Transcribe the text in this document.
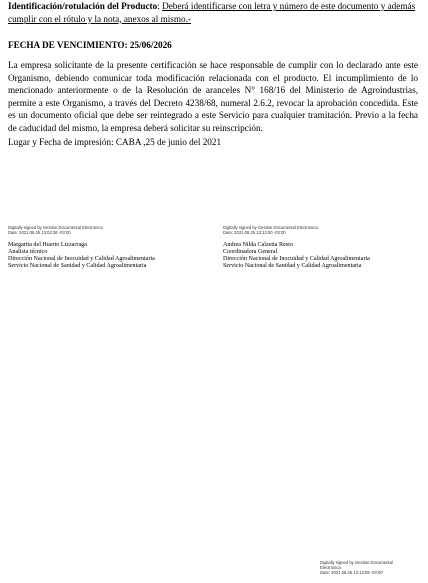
Identificación/rotulación del Producto: Deberá identificarse con letra y número de este documento y además cumplir con el rótulo y la nota, anexos al mismo.-

FECHA DE VENCIMIENTO: 25/06/2026

La empresa solicitante de la presente certificación se hace responsable de cumplir con lo declarado ante este Organismo, debiendo comunicar toda modificación relacionada con el producto. El incumplimiento de lo mencionado anteriormente o de la Resolución de aranceles N° 168/16 del Ministerio de Agroindustrias, permite a este Organismo, a través del Decreto 4238/68, numeral 2.6.2, revocar la aprobación concedida. Este es un documento oficial que debe ser reintegrado a este Servicio para cualquier tramitación. Previo a la fecha de caducidad del mismo, la empresa deberá solicitar su reinscripción.

Lugar y Fecha de impresión: CABA ,25 de junio del 2021

Digitally signed by Gestion Documental Electronica
Date: 2021.06.25 13:02:36 -03:00
Margarita del Huerto Lizzarraga
Analista técnico
Dirección Nacional de Inocuidad y Calidad Agroalimentaria
Servicio Nacional de Sanidad y Calidad Agroalimentaria
Digitally signed by Gestion Documental Electronica
Date: 2021.06.25 13:13:00 -03:00
Andrea Nilda Calzetta Resio
Coordinadora General
Dirección Nacional de Inocuidad y Calidad Agroalimentaria
Servicio Nacional de Sanidad y Calidad Agroalimentaria
Digitally signed by Gestion Documental
Electronica
Date: 2021.06.25 13:13:09 -03:00
